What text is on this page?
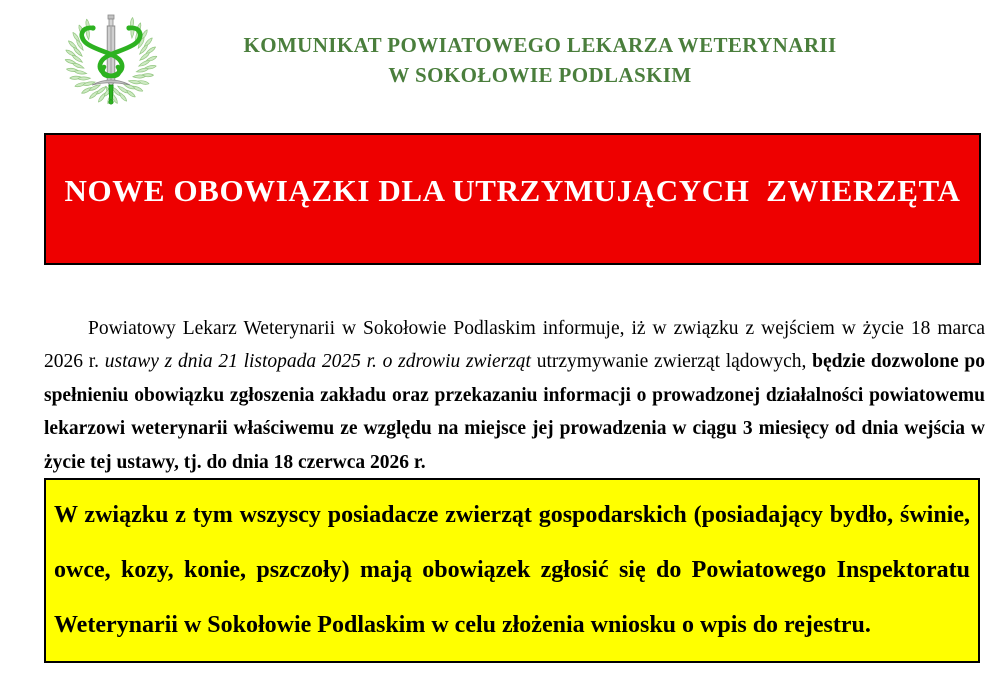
KOMUNIKAT POWIATOWEGO LEKARZA WETERYNARII
W SOKOŁOWIE PODLASKIM
NOWE OBOWIĄZKI DLA UTRZYMUJĄCYCH  ZWIERZĘTA

Powiatowy Lekarz Weterynarii w Sokołowie Podlaskim informuje, iż w związku z wejściem w życie 18 marca 2026 r. ustawy z dnia 21 listopada 2025 r. o zdrowiu zwierząt utrzymywanie zwierząt lądowych, będzie dozwolone po spełnieniu obowiązku zgłoszenia zakładu oraz przekazaniu informacji o prowadzonej działalności powiatowemu lekarzowi weterynarii właściwemu ze względu na miejsce jej prowadzenia w ciągu 3 miesięcy od dnia wejścia w życie tej ustawy, tj. do dnia 18 czerwca 2026 r.

W związku z tym wszyscy posiadacze zwierząt gospodarskich (posiadający bydło, świnie, owce, kozy, konie, pszczoły) mają obowiązek zgłosić się do Powiatowego Inspektoratu Weterynarii w Sokołowie Podlaskim w celu złożenia wniosku o wpis do rejestru.
